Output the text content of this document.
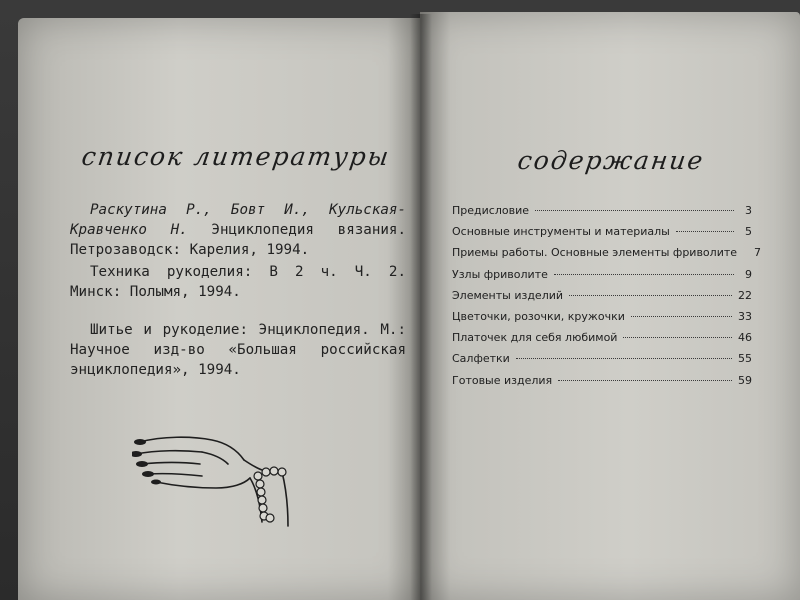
список литературы
Раскутина Р., Бовт И., Кульская-Кравченко Н. Энциклопедия вязания. Петрозаводск: Карелия, 1994.
Техника рукоделия: В 2 ч. Ч. 2. Минск: Полымя, 1994.
Шитье и рукоделие: Энциклопедия. М.: Научное изд-во «Большая российская энциклопедия», 1994.
содержание
Предисловие	3
Основные инструменты и материалы	5
Приемы работы. Основные элементы фриволите	7
Узлы фриволите	9
Элементы изделий	22
Цветочки, розочки, кружочки	33
Платочек для себя любимой	46
Салфетки	55
Готовые изделия	59
